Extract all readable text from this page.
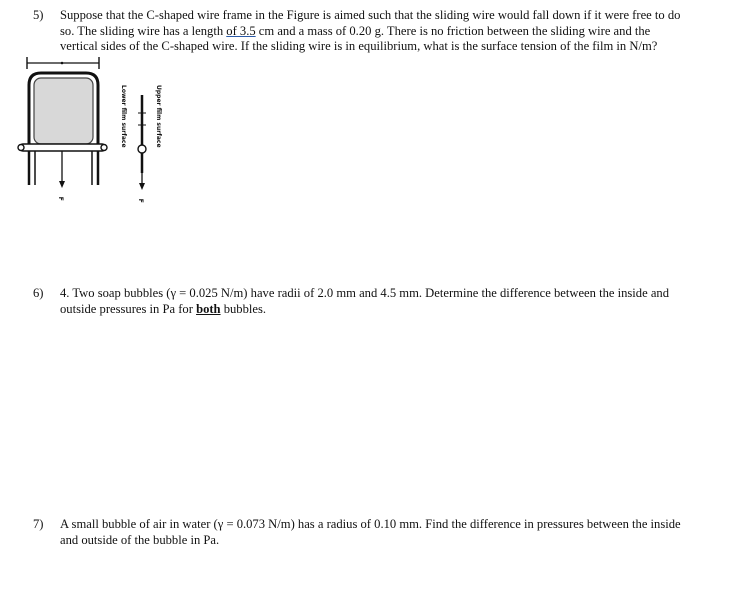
5) Suppose that the C-shaped wire frame in the Figure is aimed such that the sliding wire would fall down if it were free to do
so. The sliding wire has a length of 3.5 cm and a mass of 0.20 g. There is no friction between the sliding wire and the
vertical sides of the C-shaped wire. If the sliding wire is in equilibrium, what is the surface tension of the film in N/m?
Lower film surface	Upper film surface
F	F
6) 4. Two soap bubbles (γ = 0.025 N/m) have radii of 2.0 mm and 4.5 mm. Determine the difference between the inside and
outside pressures in Pa for both bubbles.
7) A small bubble of air in water (γ = 0.073 N/m) has a radius of 0.10 mm. Find the difference in pressures between the inside
and outside of the bubble in Pa.
